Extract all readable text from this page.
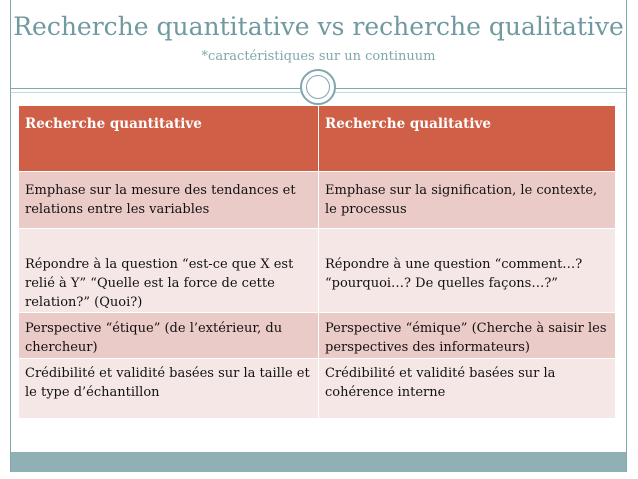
Recherche quantitative vs recherche qualitative
*caractéristiques sur un continuum
Recherche quantitative	Recherche qualitative
Emphase sur la mesure des tendances et relations entre les variables	Emphase sur la signification, le contexte, le processus
Répondre à la question “est-ce que X est relié à Y” “Quelle est la force de cette relation?” (Quoi?)	Répondre à une question “comment…? “pourquoi…? De quelles façons…?”
Perspective “étique” (de l’extérieur, du chercheur)	Perspective “émique” (Cherche à saisir les perspectives des informateurs)
Crédibilité et validité basées sur la taille et le type d’échantillon	Crédibilité et validité basées sur la cohérence interne
